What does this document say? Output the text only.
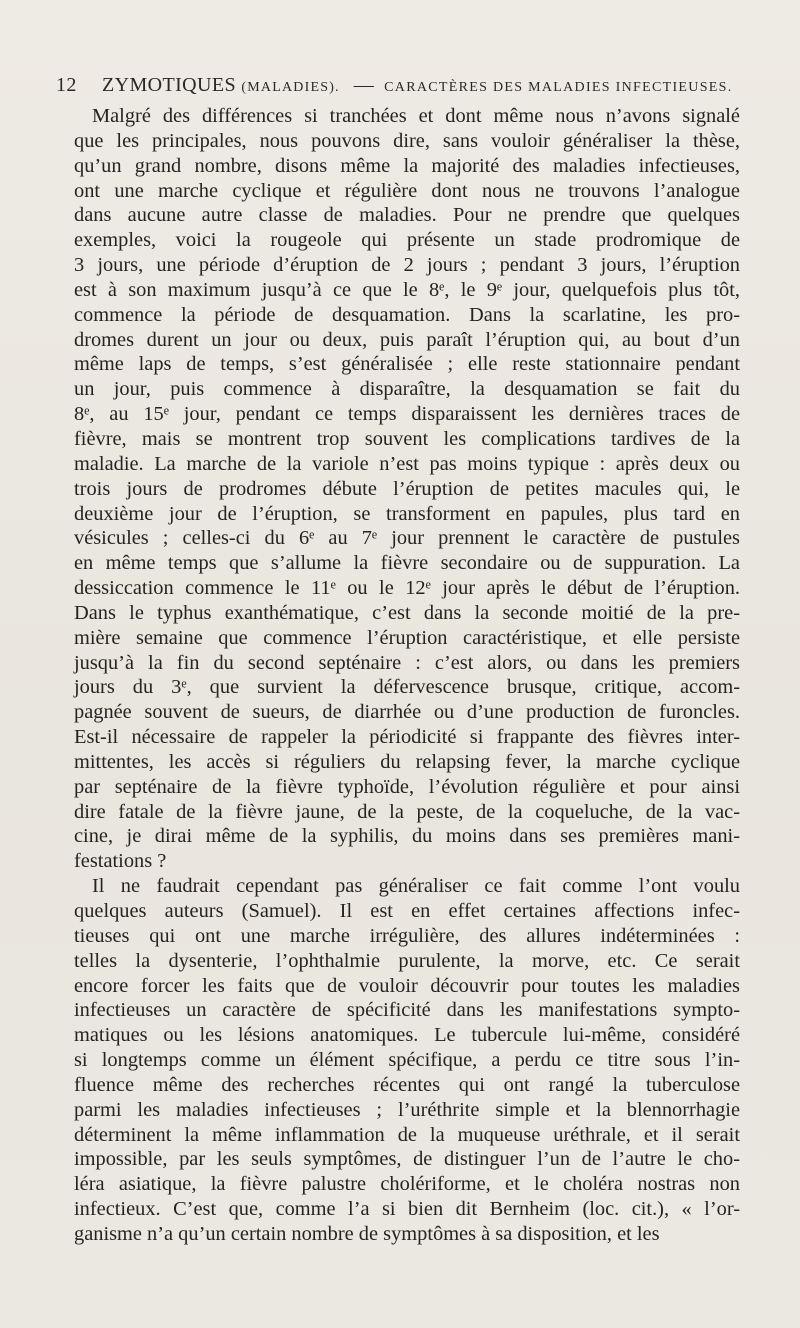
12 ZYMOTIQUES (MALADIES). — CARACTÈRES DES MALADIES INFECTIEUSES.
Malgré des différences si tranchées et dont même nous n’avons signalé
que les principales, nous pouvons dire, sans vouloir généraliser la thèse,
qu’un grand nombre, disons même la majorité des maladies infectieuses,
ont une marche cyclique et régulière dont nous ne trouvons l’analogue
dans aucune autre classe de maladies. Pour ne prendre que quelques
exemples, voici la rougeole qui présente un stade prodromique de
3 jours, une période d’éruption de 2 jours ; pendant 3 jours, l’éruption
est à son maximum jusqu’à ce que le 8ᵉ, le 9ᵉ jour, quelquefois plus tôt,
commence la période de desquamation. Dans la scarlatine, les pro-
dromes durent un jour ou deux, puis paraît l’éruption qui, au bout d’un
même laps de temps, s’est généralisée ; elle reste stationnaire pendant
un jour, puis commence à disparaître, la desquamation se fait du
8ᵉ, au 15ᵉ jour, pendant ce temps disparaissent les dernières traces de
fièvre, mais se montrent trop souvent les complications tardives de la
maladie. La marche de la variole n’est pas moins typique : après deux ou
trois jours de prodromes débute l’éruption de petites macules qui, le
deuxième jour de l’éruption, se transforment en papules, plus tard en
vésicules ; celles-ci du 6ᵉ au 7ᵉ jour prennent le caractère de pustules
en même temps que s’allume la fièvre secondaire ou de suppuration. La
dessiccation commence le 11ᵉ ou le 12ᵉ jour après le début de l’éruption.
Dans le typhus exanthématique, c’est dans la seconde moitié de la pre-
mière semaine que commence l’éruption caractéristique, et elle persiste
jusqu’à la fin du second septénaire : c’est alors, ou dans les premiers
jours du 3ᵉ, que survient la défervescence brusque, critique, accom-
pagnée souvent de sueurs, de diarrhée ou d’une production de furoncles.
Est-il nécessaire de rappeler la périodicité si frappante des fièvres inter-
mittentes, les accès si réguliers du relapsing fever, la marche cyclique
par septénaire de la fièvre typhoïde, l’évolution régulière et pour ainsi
dire fatale de la fièvre jaune, de la peste, de la coqueluche, de la vac-
cine, je dirai même de la syphilis, du moins dans ses premières mani-
festations ?
Il ne faudrait cependant pas généraliser ce fait comme l’ont voulu
quelques auteurs (Samuel). Il est en effet certaines affections infec-
tieuses qui ont une marche irrégulière, des allures indéterminées :
telles la dysenterie, l’ophthalmie purulente, la morve, etc. Ce serait
encore forcer les faits que de vouloir découvrir pour toutes les maladies
infectieuses un caractère de spécificité dans les manifestations sympto-
matiques ou les lésions anatomiques. Le tubercule lui-même, considéré
si longtemps comme un élément spécifique, a perdu ce titre sous l’in-
fluence même des recherches récentes qui ont rangé la tuberculose
parmi les maladies infectieuses ; l’uréthrite simple et la blennorrhagie
déterminent la même inflammation de la muqueuse uréthrale, et il serait
impossible, par les seuls symptômes, de distinguer l’un de l’autre le cho-
léra asiatique, la fièvre palustre cholériforme, et le choléra nostras non
infectieux. C’est que, comme l’a si bien dit Bernheim (loc. cit.), « l’or-
ganisme n’a qu’un certain nombre de symptômes à sa disposition, et les
